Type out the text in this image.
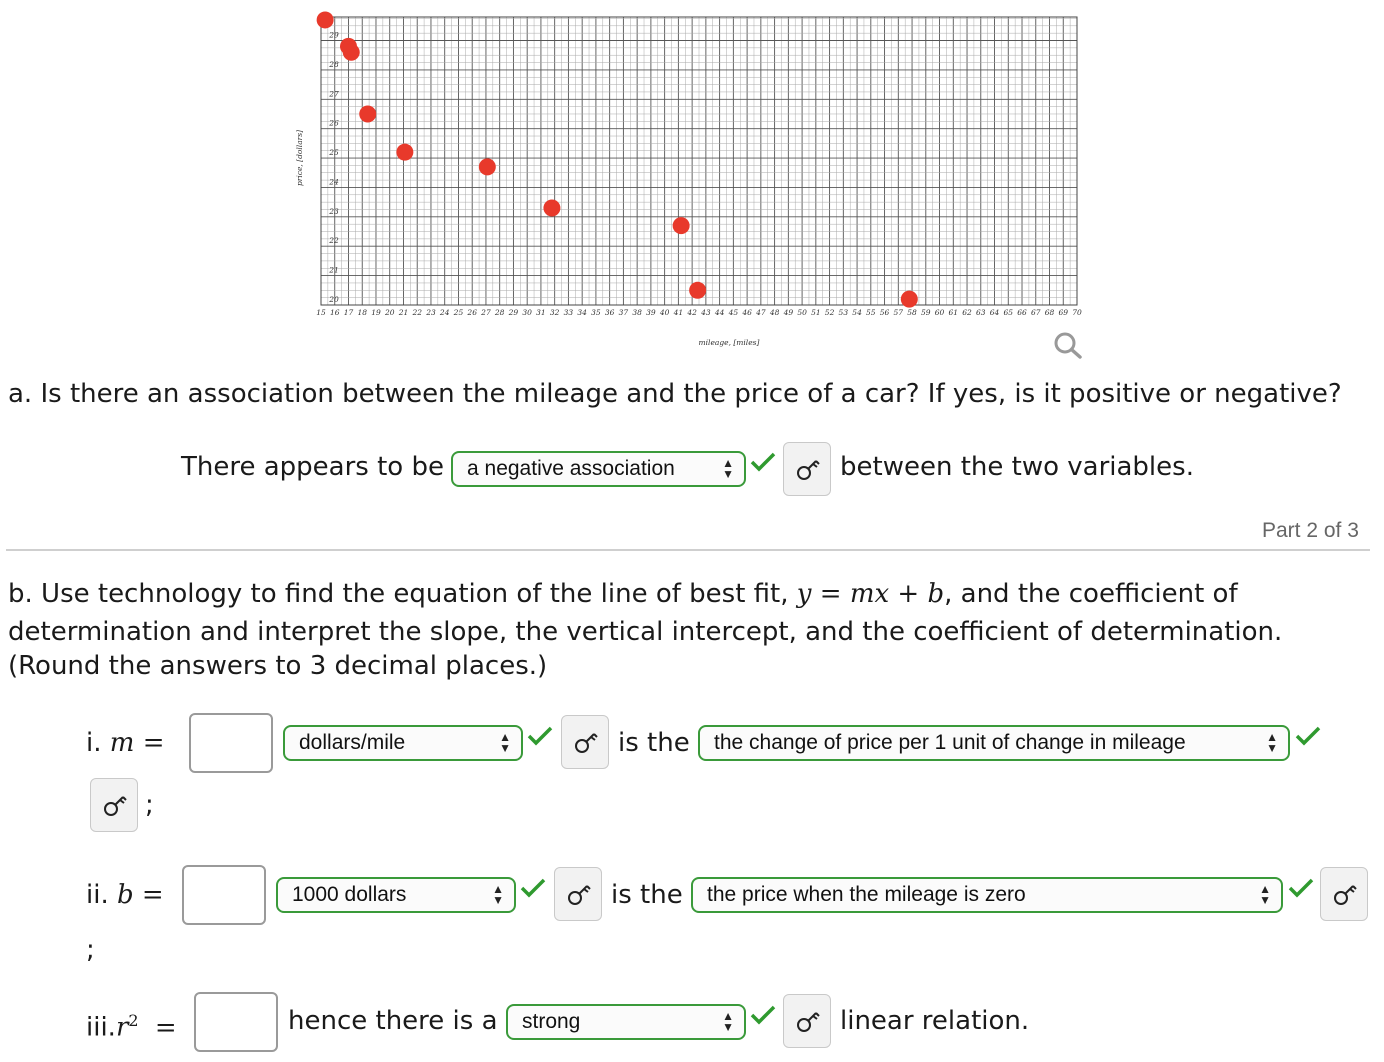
15 16 17 18 19 20 21 22 23 24 25 26 27 28 29 30 31 32 33 34 35 36 37 38 39 40 41 42 43 44 45 46 47 48 49 50 51 52 53 54 55 56 57 58 59 60 61 62 63 64 65 66 67 68 69 70
20
21
22
23
24
25
26
27
28
29
mileage, [miles]
price, [dollars]
a. Is there an association between the mileage and the price of a car? If yes, is it positive or negative?
There appears to be	a negative association	▲
▼	between the two variables.
Part 2 of 3
b. Use technology to find the equation of the line of best fit, y = mx + b, and the coefficient of
determination and interpret the slope, the vertical intercept, and the coefficient of determination.
(Round the answers to 3 decimal places.)
i. m =	dollars/mile	▲
▼	is the	the change of price per 1 unit of change in mileage	▲
▼
;
ii. b =	1000 dollars	▲
▼	is the	the price when the mileage is zero	▲
▼
;
$iii.r^2$ =	hence there is a	strong	▲
▼	linear relation.
